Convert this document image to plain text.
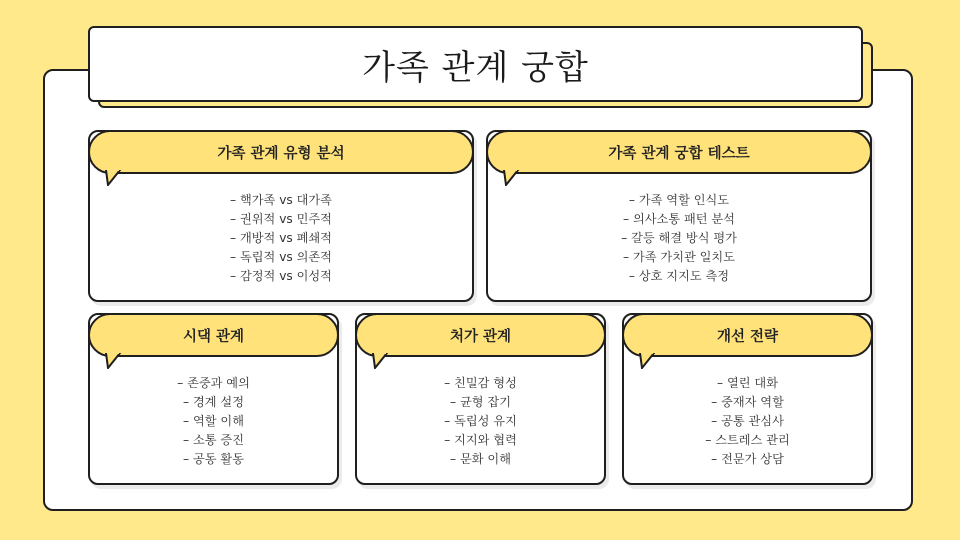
가족 관계 궁합
가족 관계 유형 분석
– 핵가족 vs 대가족
– 권위적 vs 민주적
– 개방적 vs 폐쇄적
– 독립적 vs 의존적
– 감정적 vs 이성적
가족 관계 궁합 테스트
– 가족 역할 인식도
– 의사소통 패턴 분석
– 갈등 해결 방식 평가
– 가족 가치관 일치도
– 상호 지지도 측정
시댁 관계
– 존중과 예의
– 경계 설정
– 역할 이해
– 소통 증진
– 공동 활동
처가 관계
– 친밀감 형성
– 균형 잡기
– 독립성 유지
– 지지와 협력
– 문화 이해
개선 전략
– 열린 대화
– 중재자 역할
– 공통 관심사
– 스트레스 관리
– 전문가 상담
